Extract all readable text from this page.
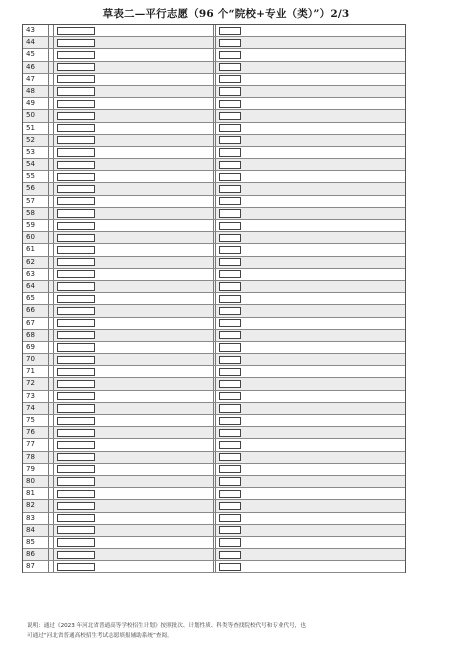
草表二—平行志愿（96 个“院校+专业（类）”）2/3
43
44
45
46
47
48
49
50
51
52
53
54
55
56
57
58
59
60
61
62
63
64
65
66
67
68
69
70
71
72
73
74
75
76
77
78
79
80
81
82
83
84
85
86
87
说明：通过《2023 年河北省普通高等学校招生计划》按照批次、计划性质、科类等查找院校代号和专业代号，也
可通过“河北省普通高校招生考试志愿填报辅助系统”查阅。
